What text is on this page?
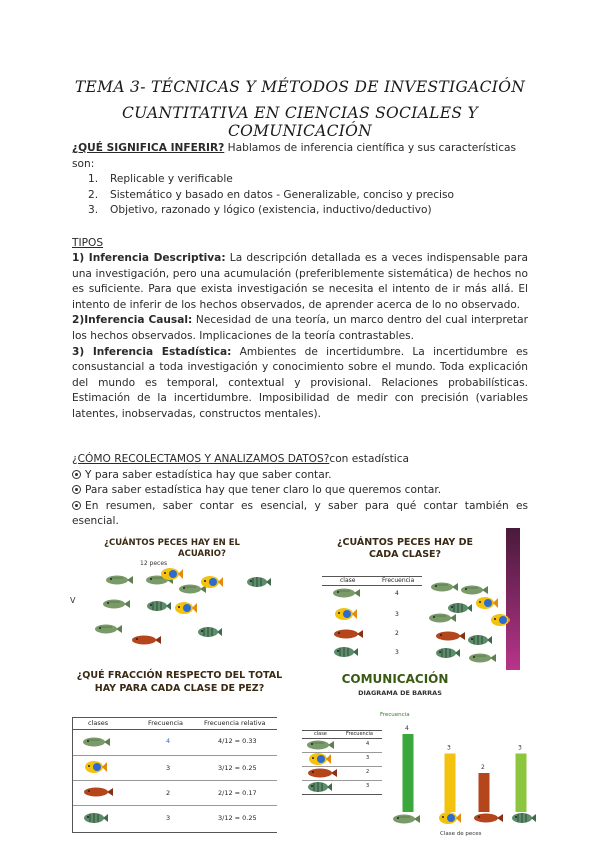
TEMA 3- TÉCNICAS Y MÉTODOS DE INVESTIGACIÓN
CUANTITATIVA EN CIENCIAS SOCIALES Y COMUNICACIÓN
¿QUÉ SIGNIFICA INFERIR? Hablamos de inferencia científica y sus características son:
1.	Replicable y verificable
2.	Sistemático y basado en datos - Generalizable, conciso y preciso
3.	Objetivo, razonado y lógico (existencia, inductivo/deductivo)
TIPOS
1) Inferencia Descriptiva: La descripción detallada es a veces indispensable para una investigación, pero una acumulación (preferiblemente sistemática) de hechos no es suficiente. Para que exista investigación se necesita el intento de ir más allá. El intento de inferir de los hechos observados, de aprender acerca de lo no observado.
2)Inferencia Causal: Necesidad de una teoría, un marco dentro del cual interpretar los hechos observados. Implicaciones de la teoría contrastables.
3) Inferencia Estadística: Ambientes de incertidumbre. La incertidumbre es consustancial a toda investigación y conocimiento sobre el mundo. Toda explicación del mundo es temporal, contextual y provisional. Relaciones probabilísticas. Estimación de la incertidumbre. Imposibilidad de medir con precisión (variables latentes, inobservadas, constructos mentales).
¿CÓMO RECOLECTAMOS Y ANALIZAMOS DATOS?con estadística
Y para saber estadística hay que saber contar.
Para saber estadística hay que tener claro lo que queremos contar.
En resumen, saber contar es esencial, y saber para qué contar también es esencial.
¿CUÁNTOS PECES HAY EN EL
ACUARIO?
12 peces
V
¿CUÁNTOS PECES HAY DE
CADA CLASE?
clase	Frecuencia
4
3
2
3
¿QUÉ FRACCIÓN RESPECTO DEL TOTAL
HAY PARA CADA CLASE DE PEZ?
clases	Frecuencia	Frecuencia relativa
4	4/12 = 0.33
3	3/12 = 0.25
2	2/12 = 0.17
3	3/12 = 0.25
COMUNICACIÓN
DIAGRAMA DE BARRAS
Frecuencia
Clase de peces
clase	Frecuencia
4
3
2
3
4
3
2
3
